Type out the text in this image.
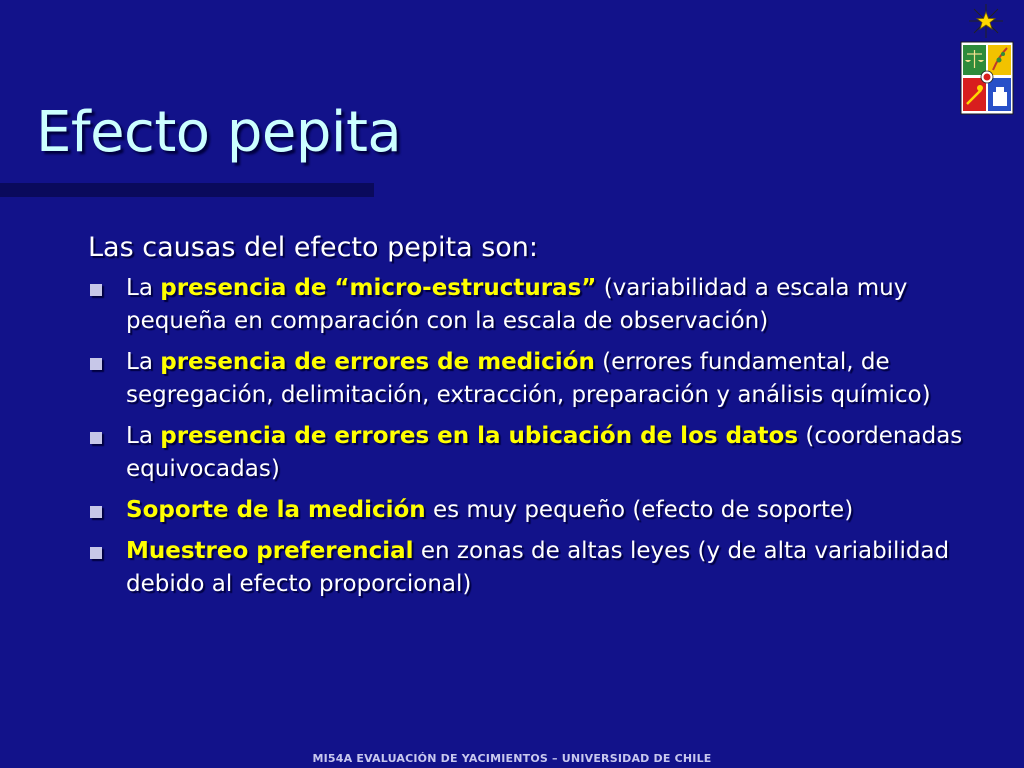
Efecto pepita
Las causas del efecto pepita son:
La presencia de “micro-estructuras” (variabilidad a escala muy pequeña en comparación con la escala de observación)
La presencia de errores de medición (errores fundamental, de segregación, delimitación, extracción, preparación y análisis químico)
La presencia de errores en la ubicación de los datos (coordenadas equivocadas)
Soporte de la medición es muy pequeño (efecto de soporte)
Muestreo preferencial en zonas de altas leyes (y de alta variabilidad debido al efecto proporcional)
MI54A EVALUACIÓN DE YACIMIENTOS – UNIVERSIDAD DE CHILE
